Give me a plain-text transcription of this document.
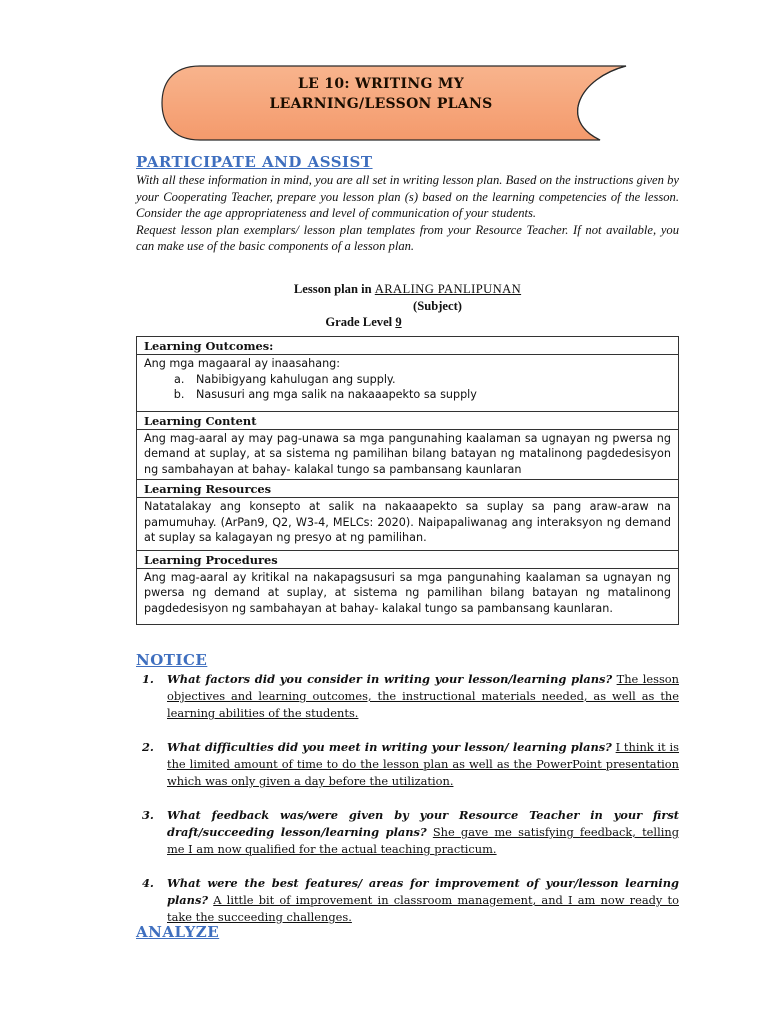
LE 10: WRITING MY
LEARNING/LESSON PLANS
PARTICIPATE AND ASSIST

With all these information in mind, you are all set in writing lesson plan. Based on the instructions given by your Cooperating Teacher, prepare you lesson plan (s) based on the learning competencies of the lesson. Consider the age appropriateness and level of communication of your students.

Request lesson plan exemplars/ lesson plan templates from your Resource Teacher. If not available, you can make use of the basic components of a lesson plan.

Lesson plan in ARALING PANLIPUNAN
(Subject)
Grade Level 9
Learning Outcomes:

Ang mga magaaral ay inaasahang:
a. Nabibigyang kahulugan ang supply.
b. Nasusuri ang mga salik na nakaaapekto sa supply

Learning Content
Ang mag-aaral ay may pag-unawa sa mga pangunahing kaalaman sa ugnayan ng pwersa ng demand at suplay, at sa sistema ng pamilihan bilang batayan ng matalinong pagdedesisyon ng sambahayan at bahay- kalakal tungo sa pambansang kaunlaran
Learning Resources
Natatalakay ang konsepto at salik na nakaaapekto sa suplay sa pang araw-araw na pamumuhay. (ArPan9, Q2, W3-4, MELCs: 2020). Naipapaliwanag ang interaksyon ng demand at suplay sa kalagayan ng presyo at ng pamilihan.
Learning Procedures
Ang mag-aaral ay kritikal na nakapagsusuri sa mga pangunahing kaalaman sa ugnayan ng pwersa ng demand at suplay, at sistema ng pamilihan bilang batayan ng matalinong pagdedesisyon ng sambahayan at bahay- kalakal tungo sa pambansang kaunlaran.
NOTICE
1. What factors did you consider in writing your lesson/learning plans? The lesson objectives and learning outcomes, the instructional materials needed, as well as the learning abilities of the students.
2. What difficulties did you meet in writing your lesson/ learning plans? I think it is the limited amount of time to do the lesson plan as well as the PowerPoint presentation which was only given a day before the utilization.
3. What feedback was/were given by your Resource Teacher in your first draft/succeeding lesson/learning plans? She gave me satisfying feedback, telling me I am now qualified for the actual teaching practicum.
4. What were the best features/ areas for improvement of your/lesson learning plans? A little bit of improvement in classroom management, and I am now ready to take the succeeding challenges.
ANALYZE
